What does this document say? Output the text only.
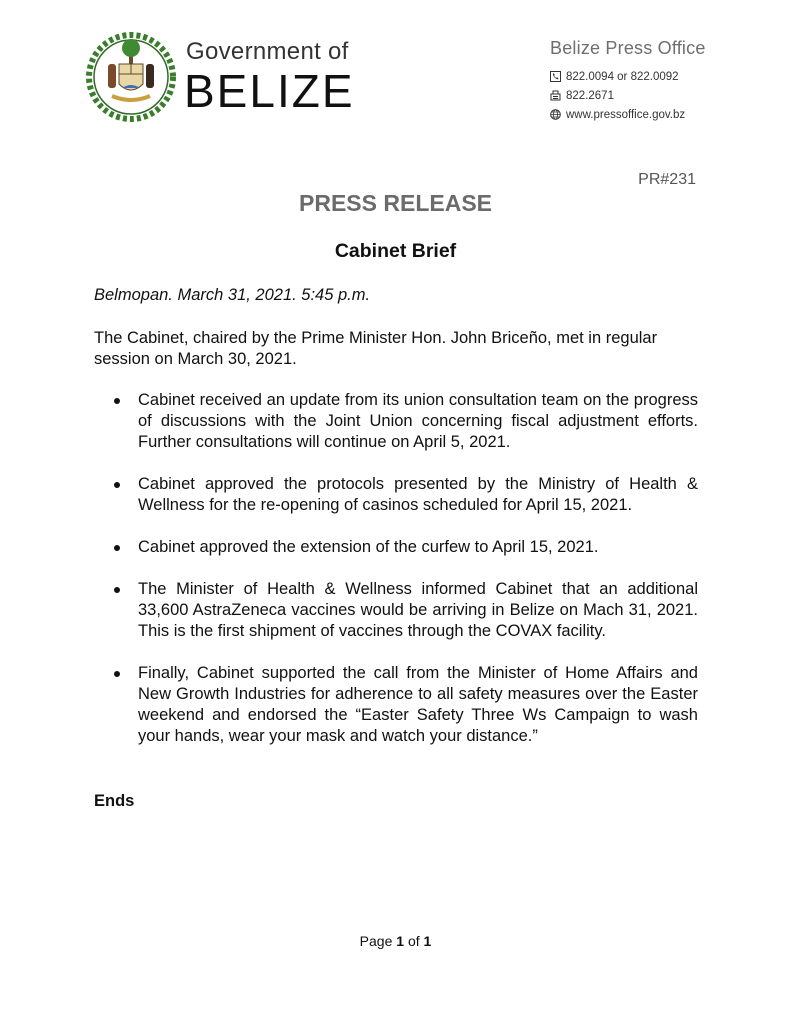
Government of
BELIZE
Belize Press Office
822.0094 or 822.0092
822.2671
www.pressoffice.gov.bz
PR#231
PRESS RELEASE
Cabinet Brief
Belmopan. March 31, 2021. 5:45 p.m.
The Cabinet, chaired by the Prime Minister Hon. John Briceño, met in regular session on March 30, 2021.
Cabinet received an update from its union consultation team on the progress of discussions with the Joint Union concerning fiscal adjustment efforts. Further consultations will continue on April 5, 2021.
Cabinet approved the protocols presented by the Ministry of Health & Wellness for the re-opening of casinos scheduled for April 15, 2021.
Cabinet approved the extension of the curfew to April 15, 2021.
The Minister of Health & Wellness informed Cabinet that an additional 33,600 AstraZeneca vaccines would be arriving in Belize on Mach 31, 2021. This is the first shipment of vaccines through the COVAX facility.
Finally, Cabinet supported the call from the Minister of Home Affairs and New Growth Industries for adherence to all safety measures over the Easter weekend and endorsed the “Easter Safety Three Ws Campaign to wash your hands, wear your mask and watch your distance.”
Ends
Page 1 of 1
